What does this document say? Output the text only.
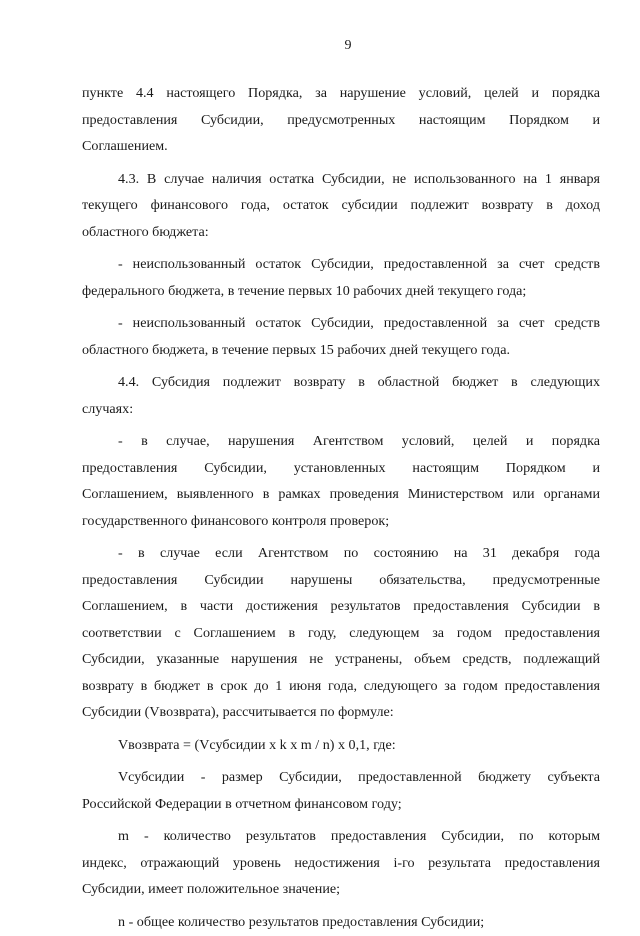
9
пункте 4.4 настоящего Порядка, за нарушение условий, целей и порядка
предоставления Субсидии, предусмотренных настоящим Порядком и
Соглашением.
4.3. В случае наличия остатка Субсидии, не использованного на 1 января
текущего финансового года, остаток субсидии подлежит возврату в доход
областного бюджета:
- неиспользованный остаток Субсидии, предоставленной за счет средств
федерального бюджета, в течение первых 10 рабочих дней текущего года;
- неиспользованный остаток Субсидии, предоставленной за счет средств
областного бюджета, в течение первых 15 рабочих дней текущего года.
4.4. Субсидия подлежит возврату в областной бюджет в следующих
случаях:
- в случае, нарушения Агентством условий, целей и порядка
предоставления Субсидии, установленных настоящим Порядком и
Соглашением, выявленного в рамках проведения Министерством или органами
государственного финансового контроля проверок;
- в случае если Агентством по состоянию на 31 декабря года
предоставления Субсидии нарушены обязательства, предусмотренные
Соглашением, в части достижения результатов предоставления Субсидии в
соответствии с Соглашением в году, следующем за годом предоставления
Субсидии, указанные нарушения не устранены, объем средств, подлежащий
возврату в бюджет в срок до 1 июня года, следующего за годом предоставления
Субсидии (Vвозврата), рассчитывается по формуле:
Vвозврата = (Vсубсидии x k x m / n) x 0,1, где:
Vсубсидии - размер Субсидии, предоставленной бюджету субъекта
Российской Федерации в отчетном финансовом году;
m - количество результатов предоставления Субсидии, по которым
индекс, отражающий уровень недостижения i-го результата предоставления
Субсидии, имеет положительное значение;
n - общее количество результатов предоставления Субсидии;
